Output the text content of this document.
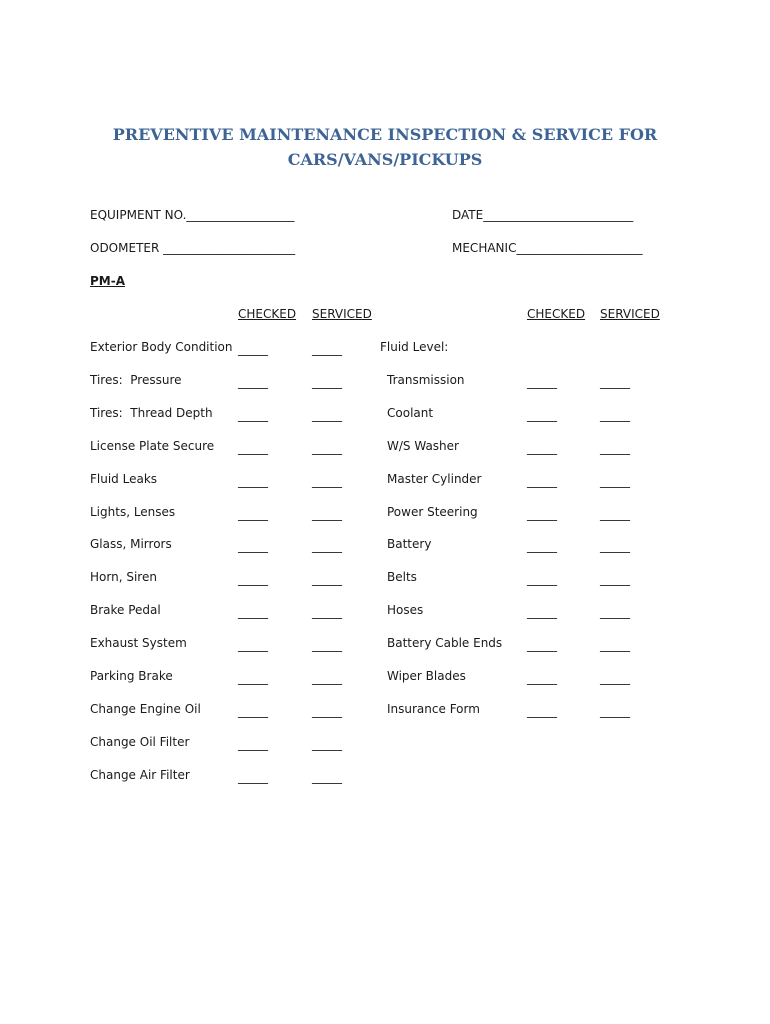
PREVENTIVE MAINTENANCE INSPECTION & SERVICE FOR
CARS/VANS/PICKUPS
EQUIPMENT NO.__________________	DATE_________________________
ODOMETER ______________________	MECHANIC_____________________
PM-A
CHECKED SERVICED	CHECKED SERVICED
Fluid Level:
Exterior Body Condition _____	_____
Tires:  Pressure	_____	_____
Tires:  Thread Depth _____	_____
License Plate Secure _____	_____
Fluid Leaks	_____	_____
Lights, Lenses	_____	_____
Glass, Mirrors	_____	_____
Horn, Siren	_____	_____
Brake Pedal	_____	_____
Exhaust System	_____	_____
Parking Brake	_____	_____
Change Engine Oil	_____	_____
Change Oil Filter	_____	_____
Change Air Filter	_____	_____
Transmission	_____	_____
Coolant	_____	_____
W/S Washer	_____	_____
Master Cylinder	_____	_____
Power Steering	_____	_____
Battery	_____	_____
Belts	_____	_____
Hoses	_____	_____
Battery Cable Ends _____	_____
Wiper Blades	_____	_____
Insurance Form	_____	_____
